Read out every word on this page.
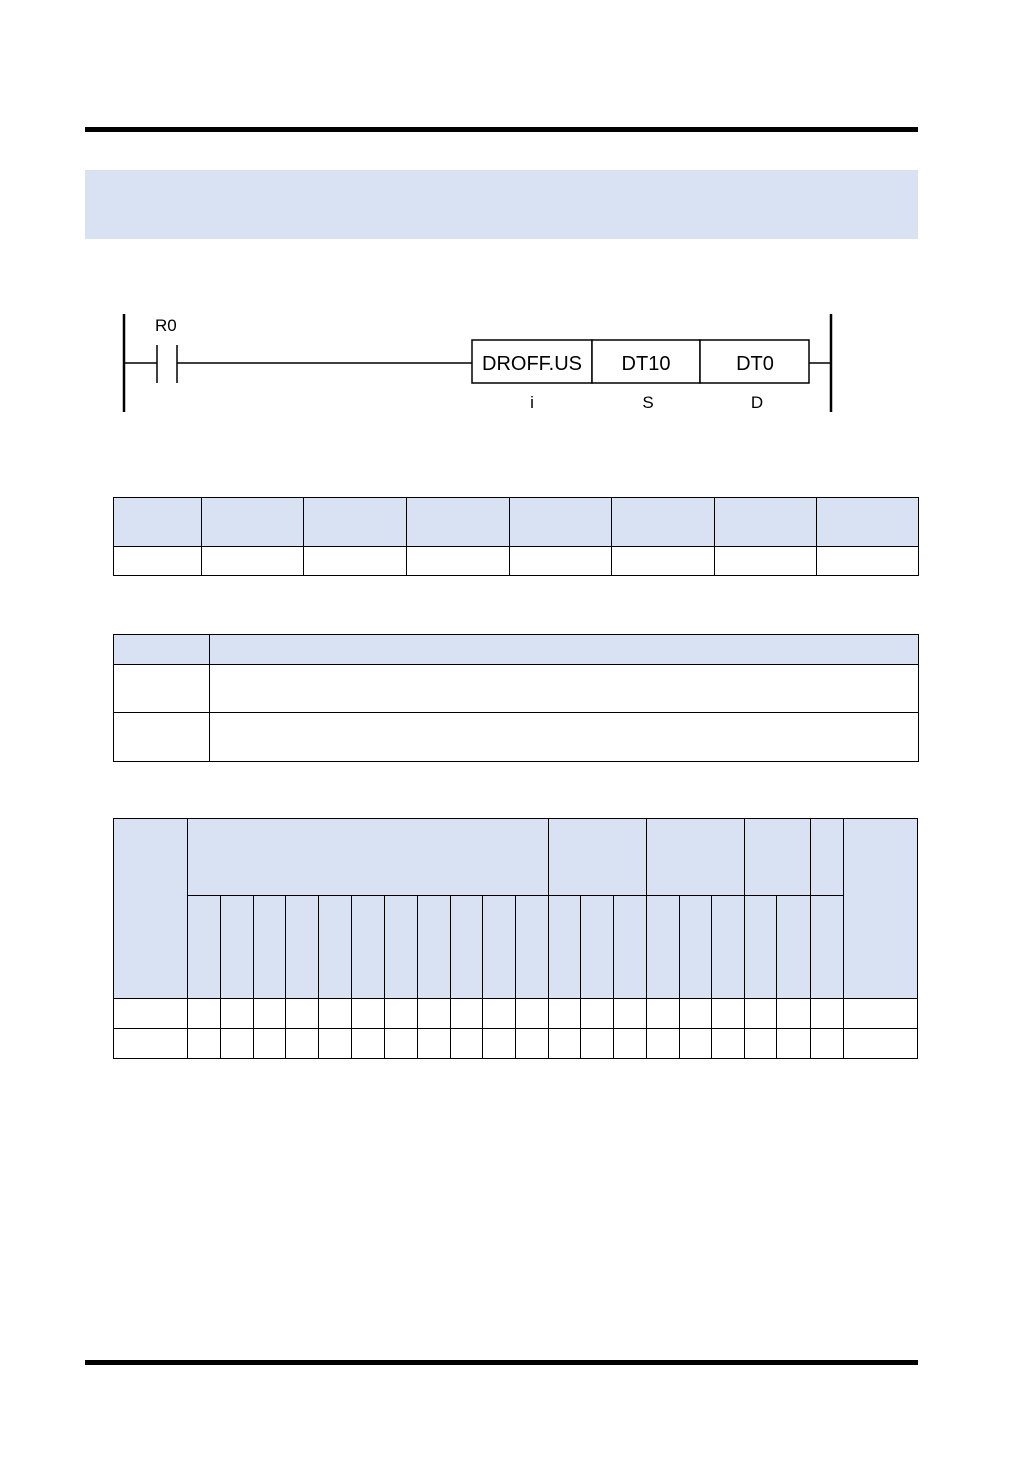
R0
DROFF.US DT10	DT0
i	S	D
